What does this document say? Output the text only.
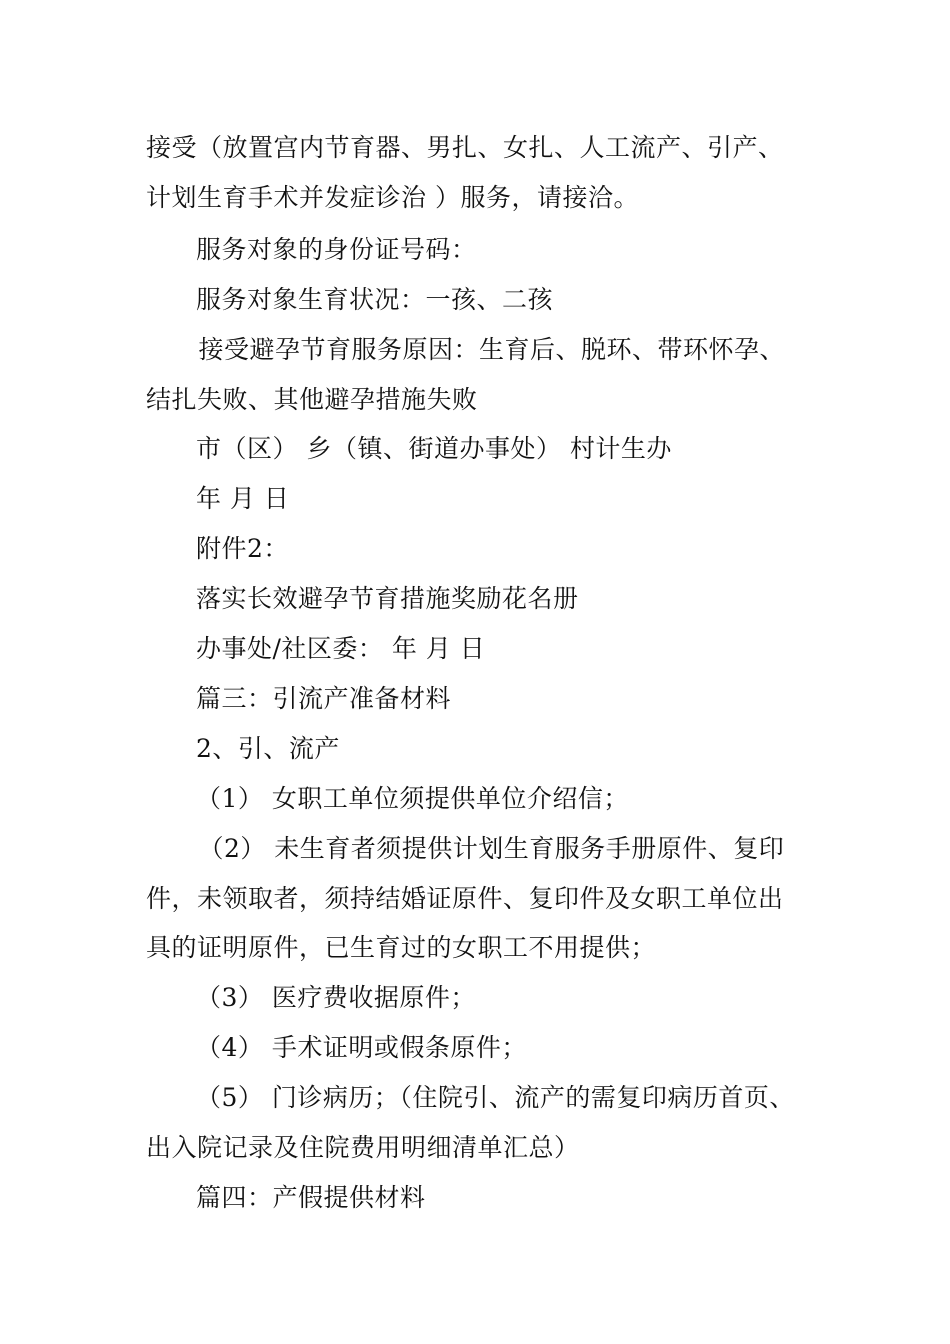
接受（放置宫内节育器、男扎、女扎、人工流产、引产、
计划生育手术并发症诊治 ）服务，请接洽。
服务对象的身份证号码：
服务对象生育状况：一孩、二孩
接受避孕节育服务原因：生育后、脱环、带环怀孕、
结扎失败、其他避孕措施失败
市（区） 乡（镇、街道办事处） 村计生办
年 月 日
附件2：
落实长效避孕节育措施奖励花名册
办事处/社区委： 年 月 日
篇三：引流产准备材料
2、引、流产
（1） 女职工单位须提供单位介绍信；
（2） 未生育者须提供计划生育服务手册原件、复印
件，未领取者，须持结婚证原件、复印件及女职工单位出
具的证明原件，已生育过的女职工不用提供；
（3） 医疗费收据原件；
（4） 手术证明或假条原件；
（5） 门诊病历；（住院引、流产的需复印病历首页、
出入院记录及住院费用明细清单汇总）
篇四：产假提供材料
